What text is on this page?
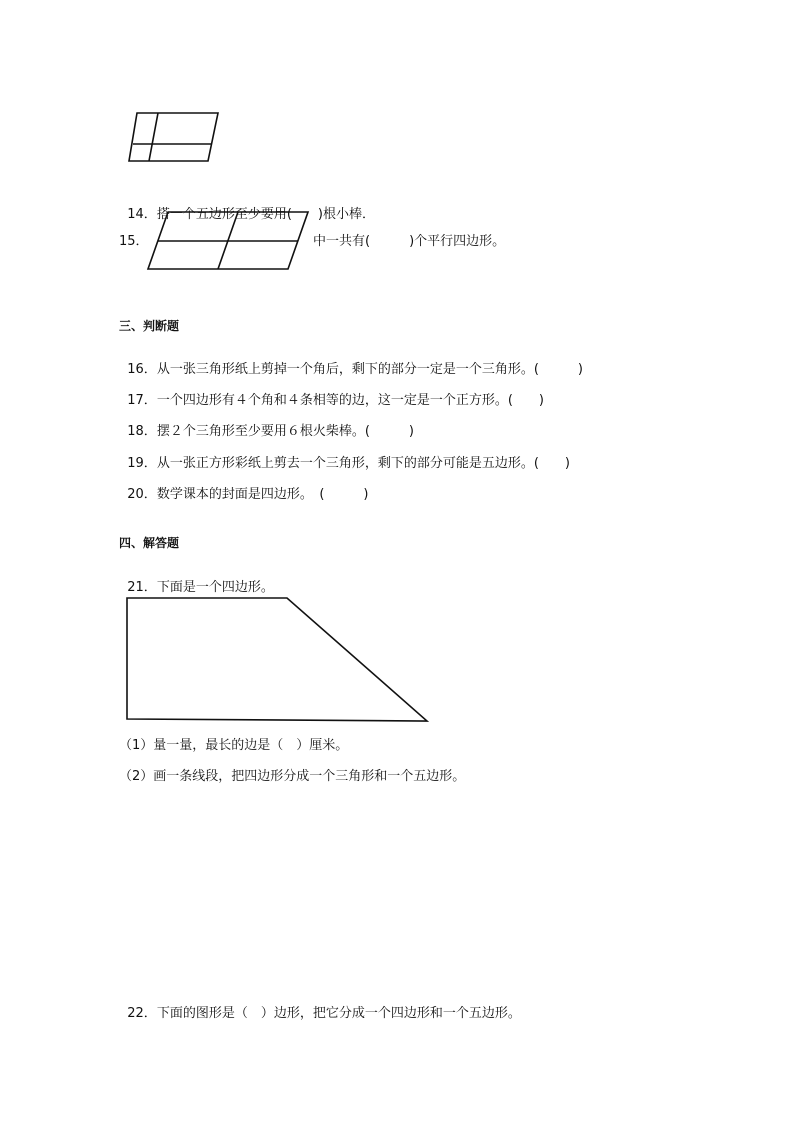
14．搭一个五边形至少要用(　　)根小棒．

15．	中一共有(　　　)个平行四边形。
三、判断题

16．从一张三角形纸上剪掉一个角后，剩下的部分一定是一个三角形。(　　　)

17．一个四边形有４个角和４条相等的边，这一定是一个正方形。(　　)

18．摆２个三角形至少要用６根火柴棒。(　　　)

19．从一张正方形彩纸上剪去一个三角形，剩下的部分可能是五边形。(　　)

20．数学课本的封面是四边形。　(　　　)

四、解答题

21．下面是一个四边形。

（1）量一量，最长的边是（　）厘米。
（2）画一条线段，把四边形分成一个三角形和一个五边形。

22．下面的图形是（　）边形，把它分成一个四边形和一个五边形。
